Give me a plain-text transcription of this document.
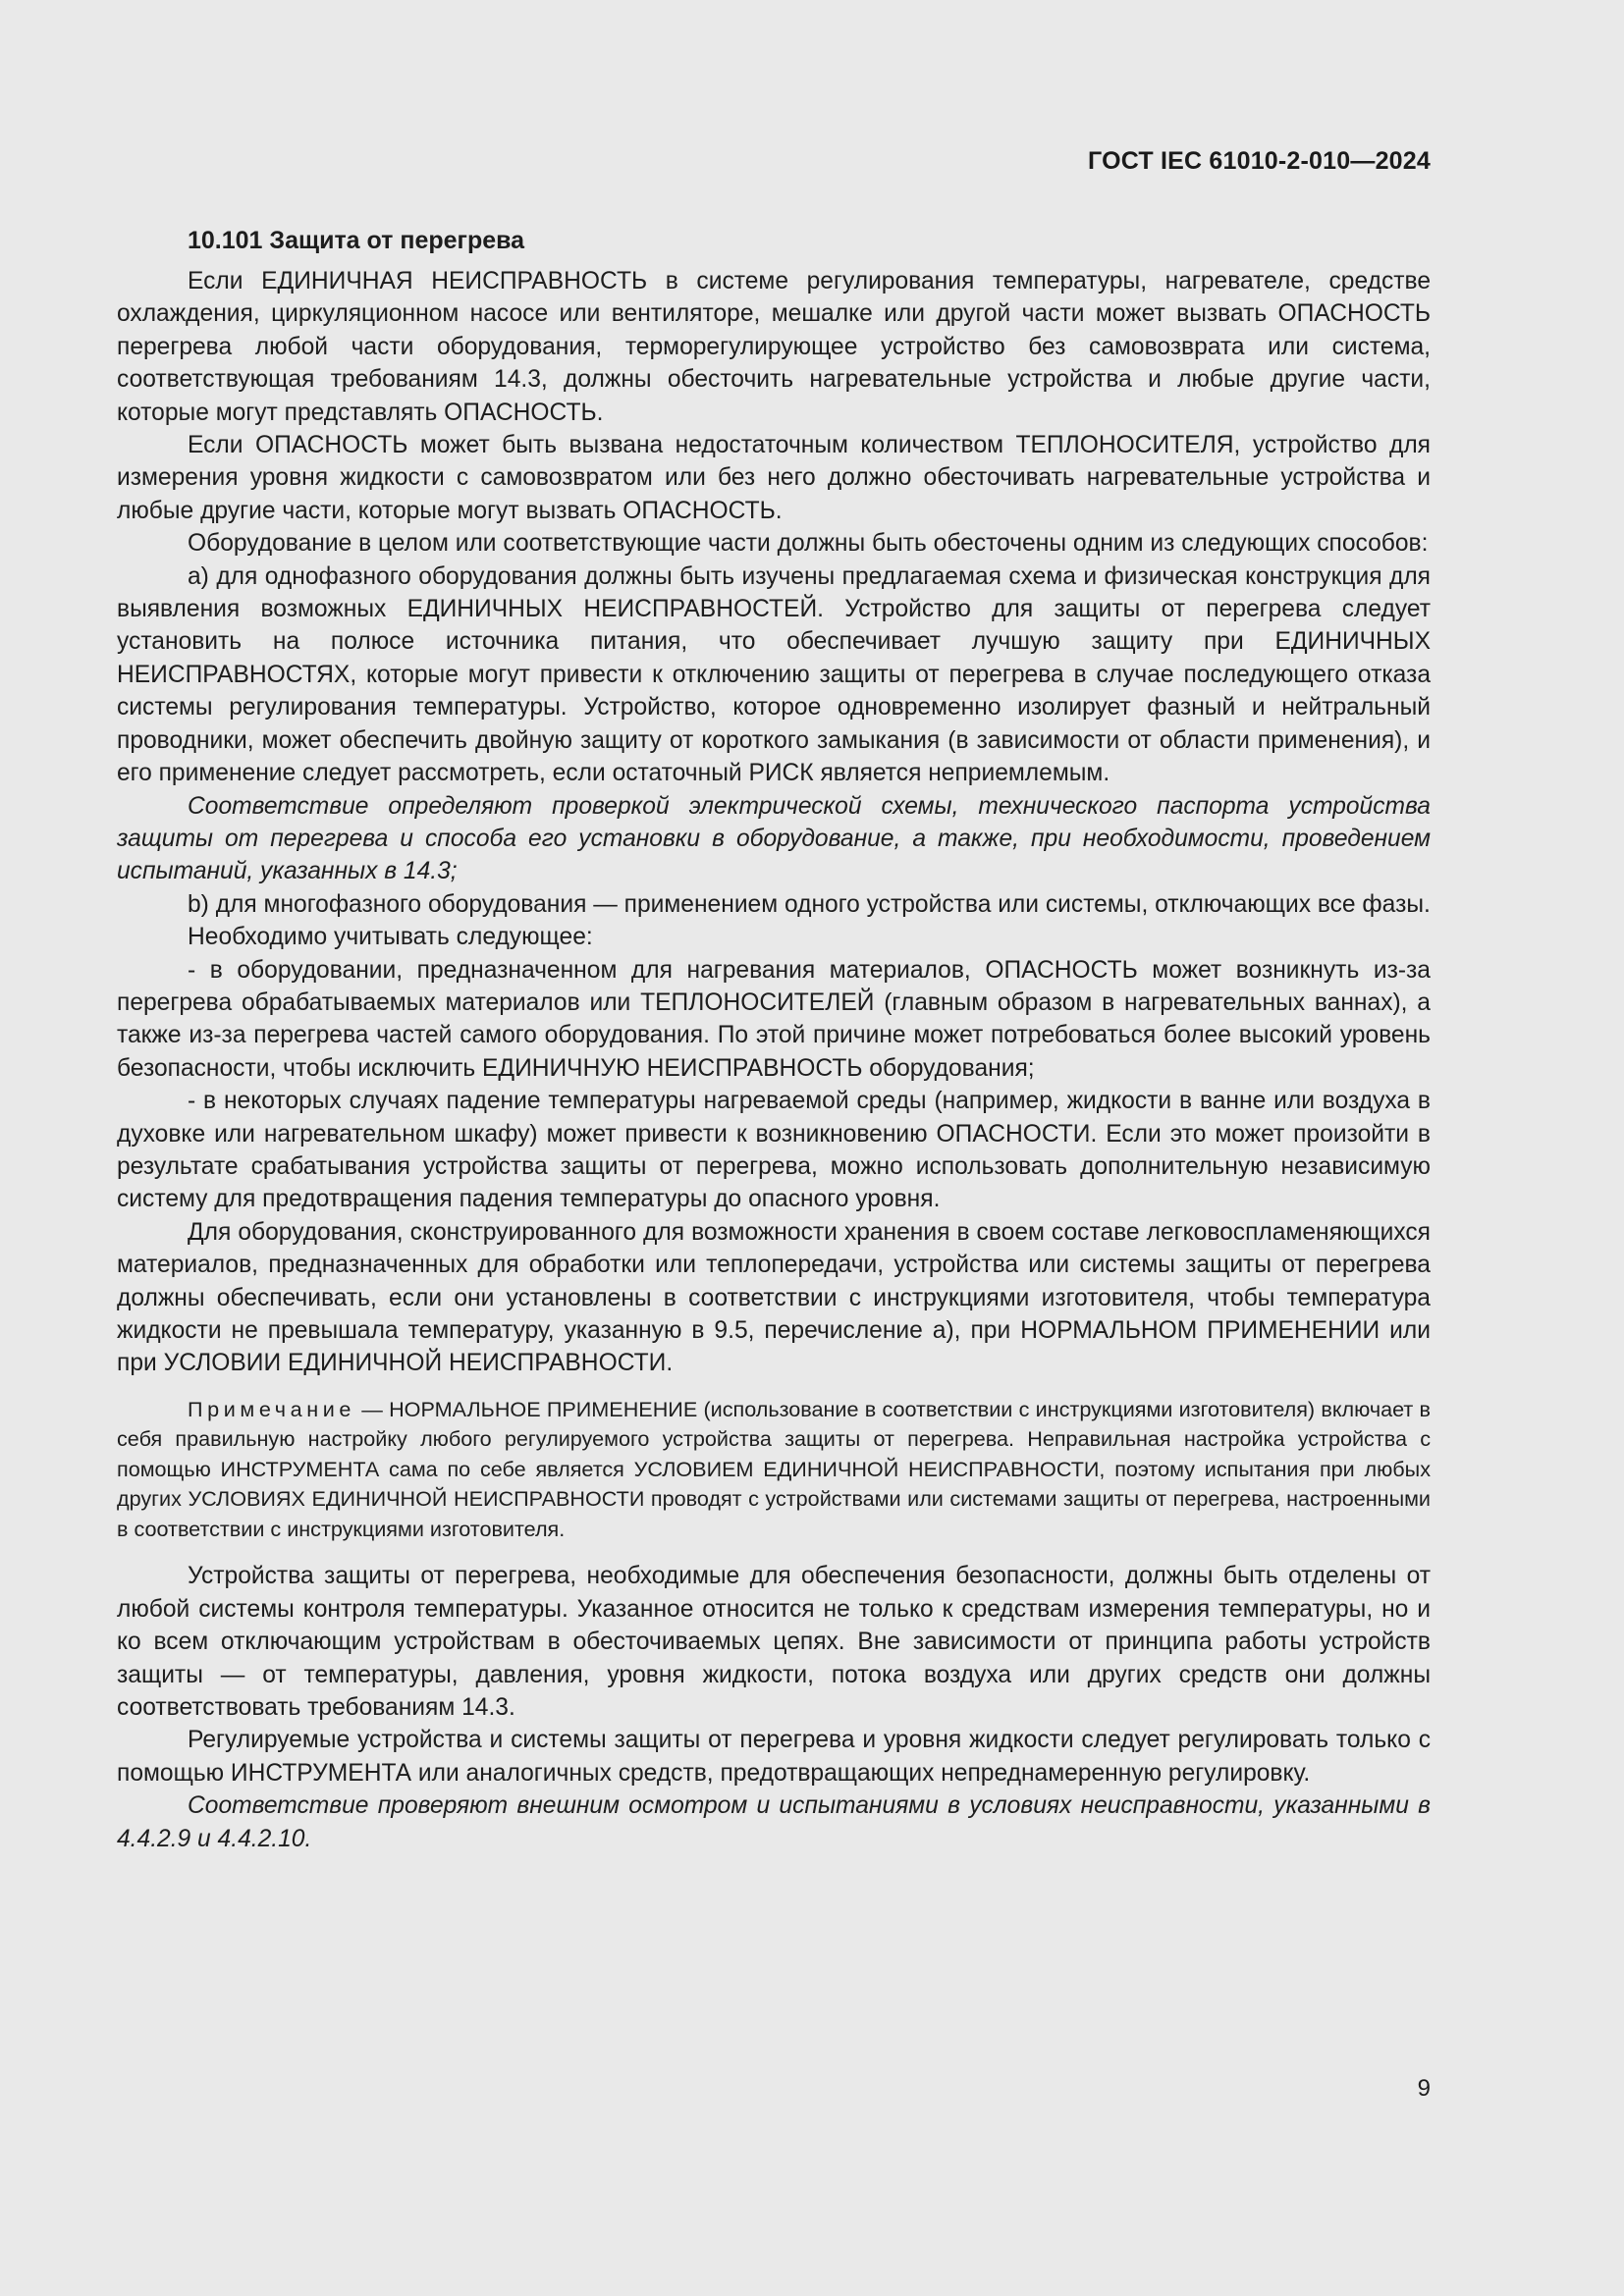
ГОСТ IEC 61010-2-010—2024
10.101 Защита от перегрева

Если ЕДИНИЧНАЯ НЕИСПРАВНОСТЬ в системе регулирования температуры, нагревателе, средстве охлаждения, циркуляционном насосе или вентиляторе, мешалке или другой части может вызвать ОПАСНОСТЬ перегрева любой части оборудования, терморегулирующее устройство без самовозврата или система, соответствующая требованиям 14.3, должны обесточить нагревательные устройства и любые другие части, которые могут представлять ОПАСНОСТЬ.

Если ОПАСНОСТЬ может быть вызвана недостаточным количеством ТЕПЛОНОСИТЕЛЯ, устройство для измерения уровня жидкости с самовозвратом или без него должно обесточивать нагревательные устройства и любые другие части, которые могут вызвать ОПАСНОСТЬ.

Оборудование в целом или соответствующие части должны быть обесточены одним из следующих способов:

a) для однофазного оборудования должны быть изучены предлагаемая схема и физическая конструкция для выявления возможных ЕДИНИЧНЫХ НЕИСПРАВНОСТЕЙ. Устройство для защиты от перегрева следует установить на полюсе источника питания, что обеспечивает лучшую защиту при ЕДИНИЧНЫХ НЕИСПРАВНОСТЯХ, которые могут привести к отключению защиты от перегрева в случае последующего отказа системы регулирования температуры. Устройство, которое одновременно изолирует фазный и нейтральный проводники, может обеспечить двойную защиту от короткого замыкания (в зависимости от области применения), и его применение следует рассмотреть, если остаточный РИСК является неприемлемым.

Соответствие определяют проверкой электрической схемы, технического паспорта устройства защиты от перегрева и способа его установки в оборудование, а также, при необходимости, проведением испытаний, указанных в 14.3;

b) для многофазного оборудования — применением одного устройства или системы, отключающих все фазы.

Необходимо учитывать следующее:

- в оборудовании, предназначенном для нагревания материалов, ОПАСНОСТЬ может возникнуть из-за перегрева обрабатываемых материалов или ТЕПЛОНОСИТЕЛЕЙ (главным образом в нагревательных ваннах), а также из-за перегрева частей самого оборудования. По этой причине может потребоваться более высокий уровень безопасности, чтобы исключить ЕДИНИЧНУЮ НЕИСПРАВНОСТЬ оборудования;

- в некоторых случаях падение температуры нагреваемой среды (например, жидкости в ванне или воздуха в духовке или нагревательном шкафу) может привести к возникновению ОПАСНОСТИ. Если это может произойти в результате срабатывания устройства защиты от перегрева, можно использовать дополнительную независимую систему для предотвращения падения температуры до опасного уровня.

Для оборудования, сконструированного для возможности хранения в своем составе легковоспламеняющихся материалов, предназначенных для обработки или теплопередачи, устройства или системы защиты от перегрева должны обеспечивать, если они установлены в соответствии с инструкциями изготовителя, чтобы температура жидкости не превышала температуру, указанную в 9.5, перечисление a), при НОРМАЛЬНОМ ПРИМЕНЕНИИ или при УСЛОВИИ ЕДИНИЧНОЙ НЕИСПРАВНОСТИ.

Примечание — НОРМАЛЬНОЕ ПРИМЕНЕНИЕ (использование в соответствии с инструкциями изготовителя) включает в себя правильную настройку любого регулируемого устройства защиты от перегрева. Неправильная настройка устройства с помощью ИНСТРУМЕНТА сама по себе является УСЛОВИЕМ ЕДИНИЧНОЙ НЕИСПРАВНОСТИ, поэтому испытания при любых других УСЛОВИЯХ ЕДИНИЧНОЙ НЕИСПРАВНОСТИ проводят с устройствами или системами защиты от перегрева, настроенными в соответствии с инструкциями изготовителя.

Устройства защиты от перегрева, необходимые для обеспечения безопасности, должны быть отделены от любой системы контроля температуры. Указанное относится не только к средствам измерения температуры, но и ко всем отключающим устройствам в обесточиваемых цепях. Вне зависимости от принципа работы устройств защиты — от температуры, давления, уровня жидкости, потока воздуха или других средств они должны соответствовать требованиям 14.3.

Регулируемые устройства и системы защиты от перегрева и уровня жидкости следует регулировать только с помощью ИНСТРУМЕНТА или аналогичных средств, предотвращающих непреднамеренную регулировку.

Соответствие проверяют внешним осмотром и испытаниями в условиях неисправности, указанными в 4.4.2.9 и 4.4.2.10.

9
